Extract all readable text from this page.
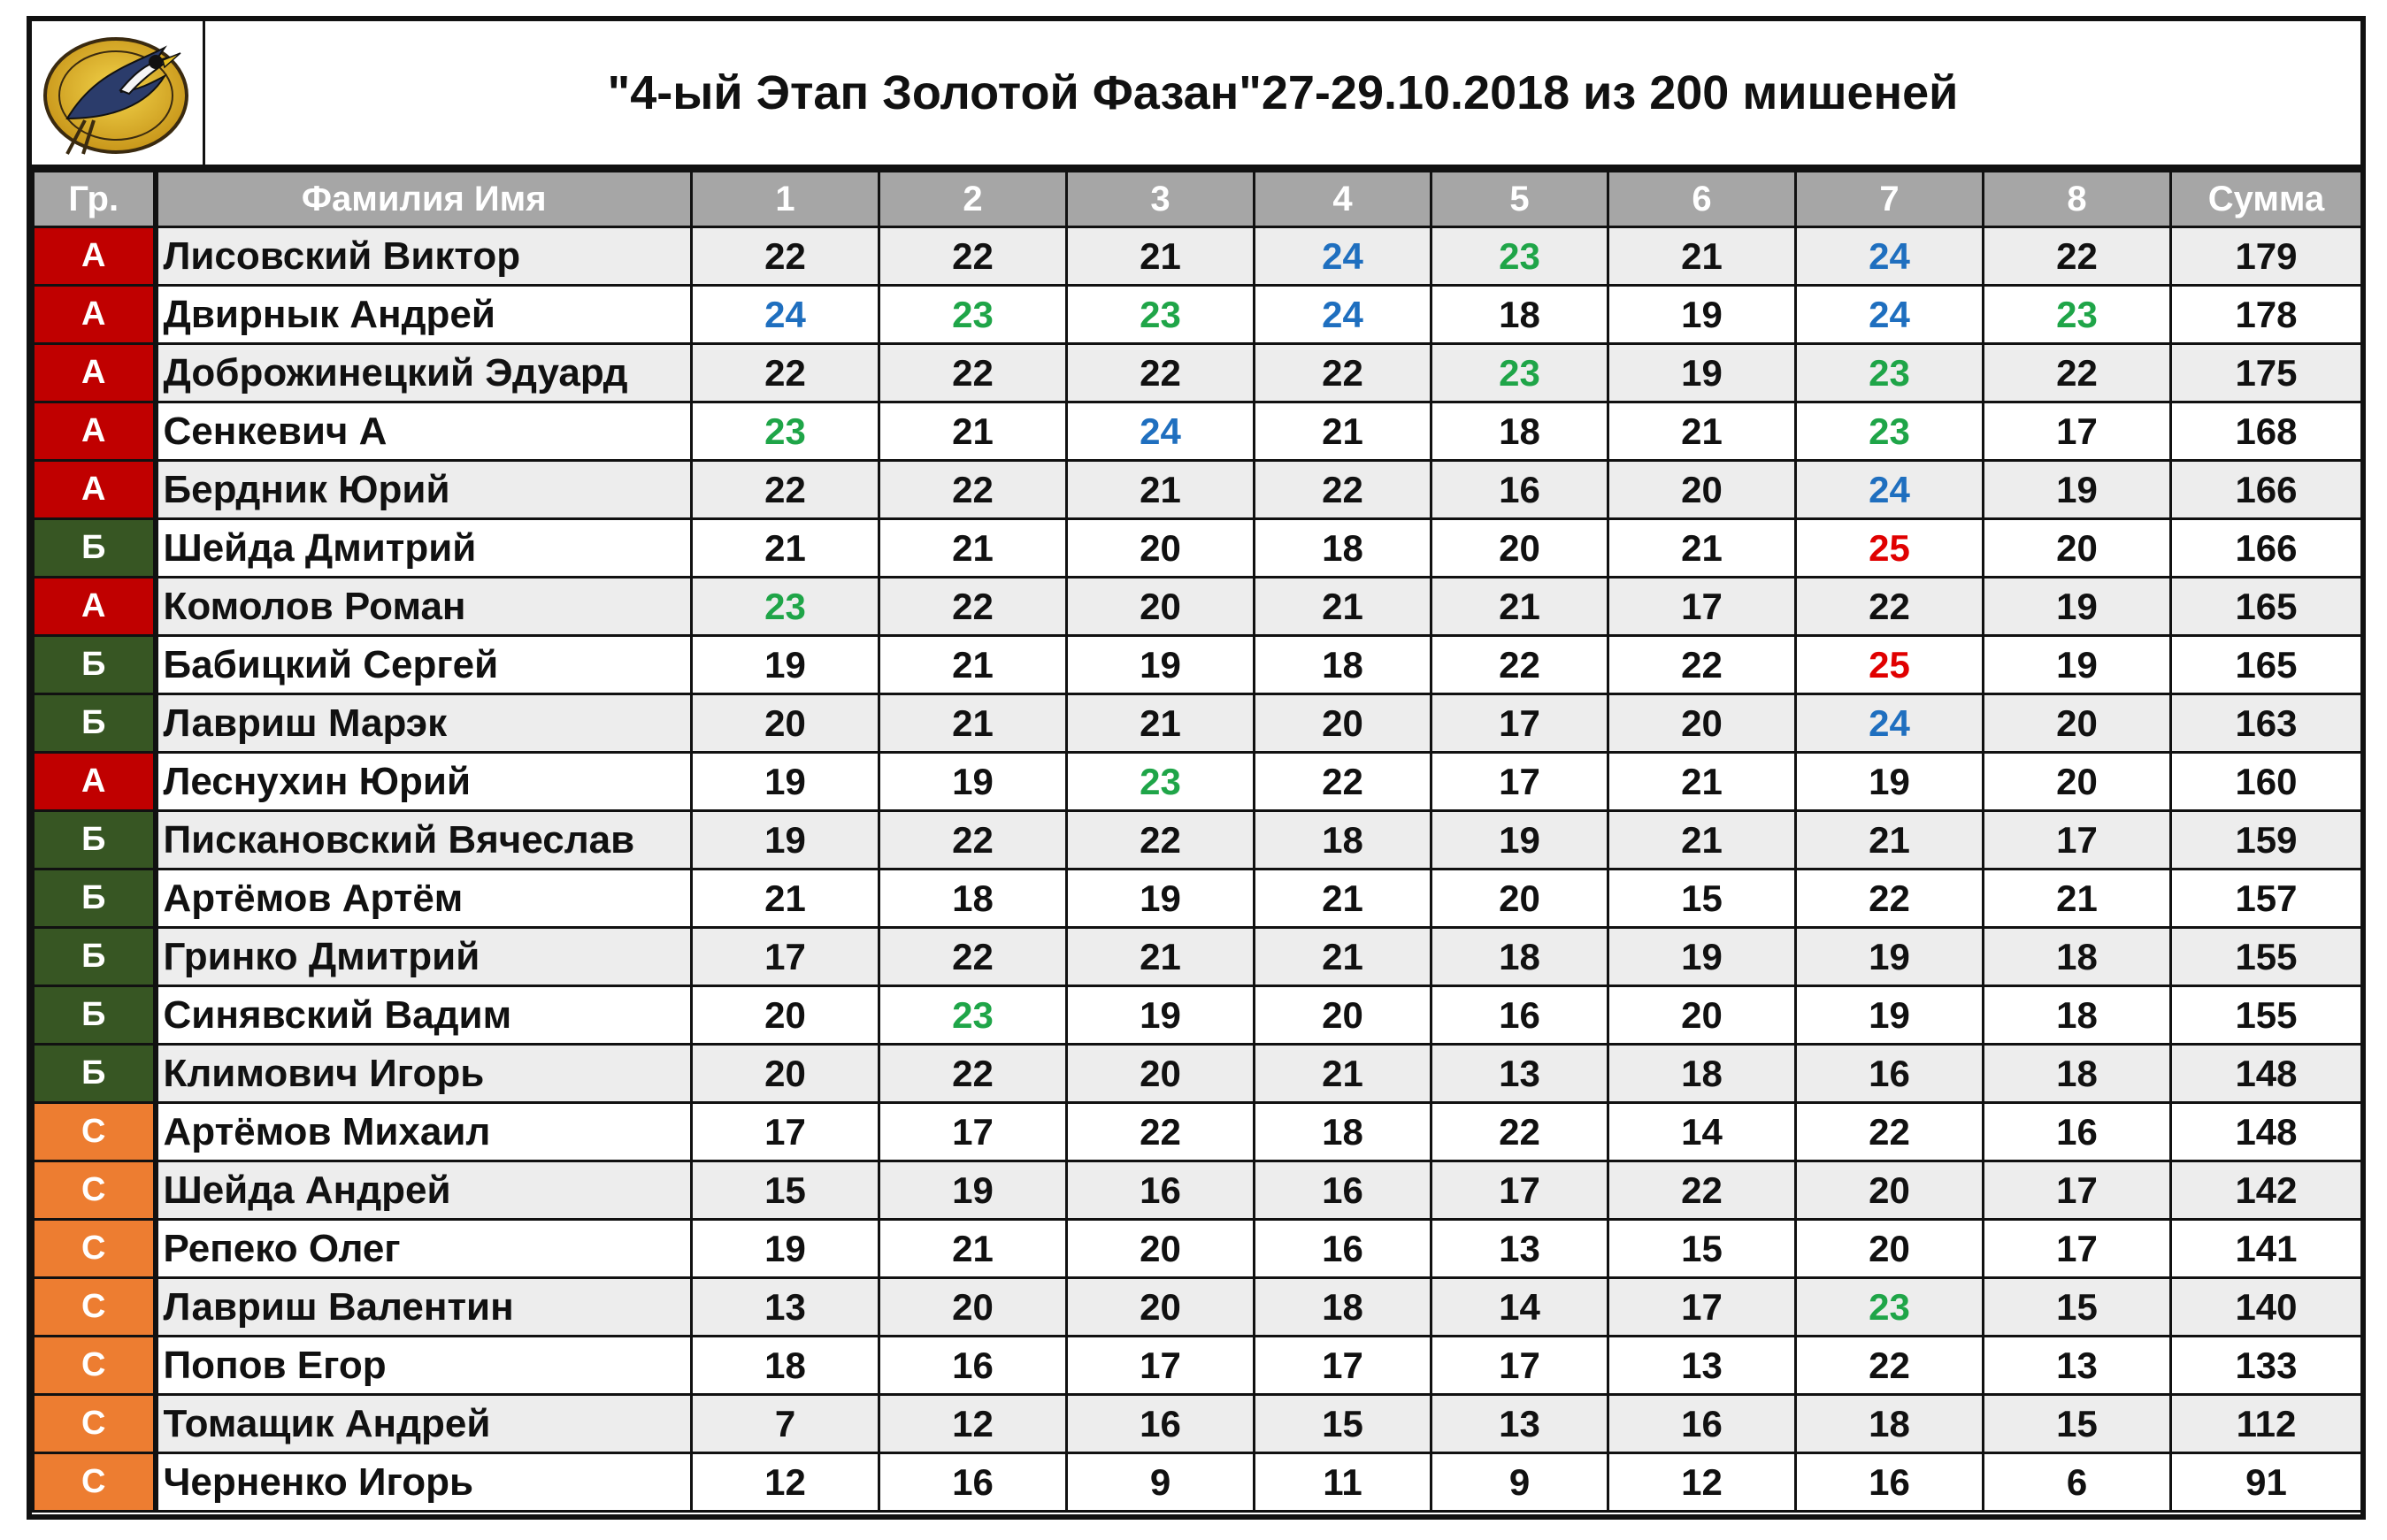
"4-ый Этап Золотой Фазан"27-29.10.2018 из 200 мишеней
Гр.	Фамилия Имя	1	2	3	4	5	6	7	8	Сумма
А	Лисовский Виктор	22	22	21	24	23	21	24	22	179
А	Двирнык Андрей	24	23	23	24	18	19	24	23	178
А	Доброжинецкий Эдуард	22	22	22	22	23	19	23	22	175
А	Сенкевич А	23	21	24	21	18	21	23	17	168
А	Бердник Юрий	22	22	21	22	16	20	24	19	166
Б	Шейда Дмитрий	21	21	20	18	20	21	25	20	166
А	Комолов Роман	23	22	20	21	21	17	22	19	165
Б	Бабицкий Сергей	19	21	19	18	22	22	25	19	165
Б	Лавриш Марэк	20	21	21	20	17	20	24	20	163
А	Леснухин Юрий	19	19	23	22	17	21	19	20	160
Б	Пискановский Вячеслав	19	22	22	18	19	21	21	17	159
Б	Артёмов Артём	21	18	19	21	20	15	22	21	157
Б	Гринко Дмитрий	17	22	21	21	18	19	19	18	155
Б	Синявский Вадим	20	23	19	20	16	20	19	18	155
Б	Климович Игорь	20	22	20	21	13	18	16	18	148
С	Артёмов Михаил	17	17	22	18	22	14	22	16	148
С	Шейда Андрей	15	19	16	16	17	22	20	17	142
С	Репеко Олег	19	21	20	16	13	15	20	17	141
С	Лавриш Валентин	13	20	20	18	14	17	23	15	140
С	Попов Егор	18	16	17	17	17	13	22	13	133
С	Томащик Андрей	7	12	16	15	13	16	18	15	112
С	Черненко Игорь	12	16	9	11	9	12	16	6	91
